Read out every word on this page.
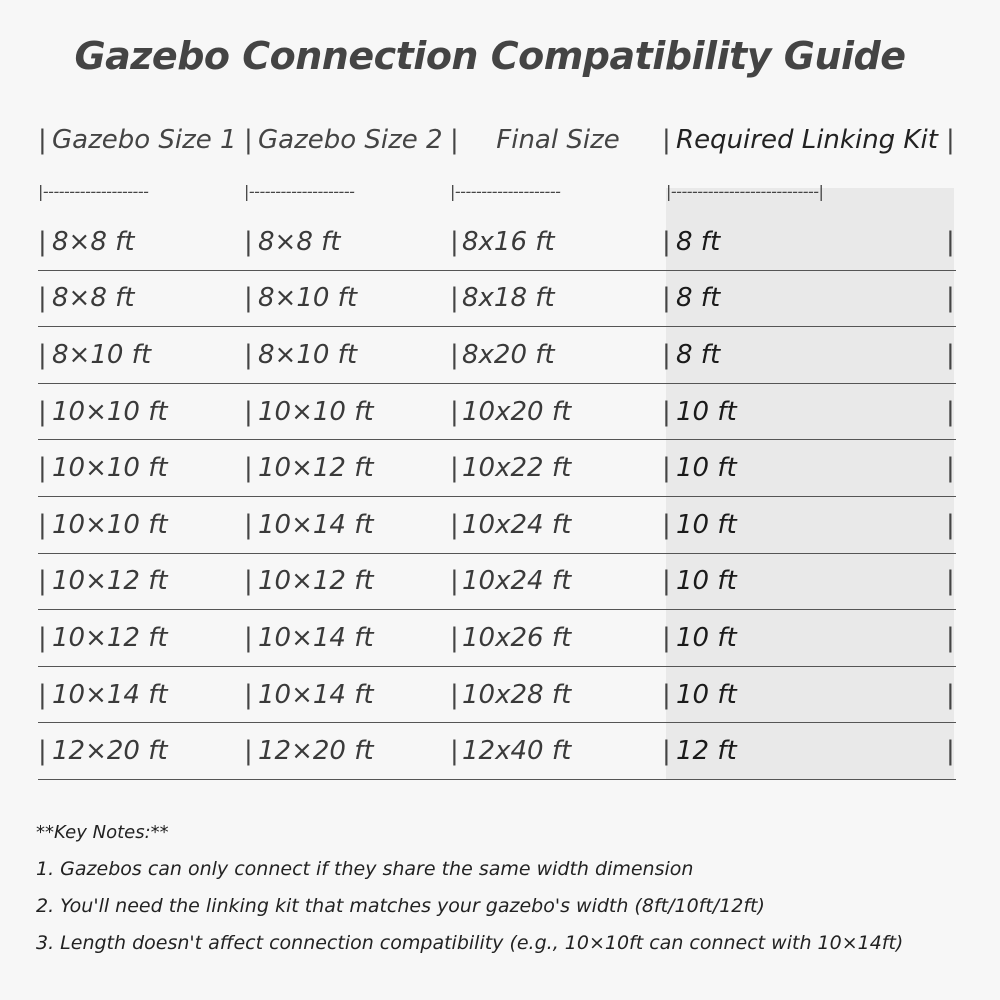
Gazebo Connection Compatibility Guide
| Gazebo Size 1 | Gazebo Size 2 |	Final Size	| Required Linking Kit |
|--------------------	|--------------------	|--------------------	|----------------------------|
| 8×8 ft	| 8×8 ft	| 8x16 ft	| 8 ft	|
| 8×8 ft	| 8×10 ft	| 8x18 ft	| 8 ft	|
| 8×10 ft	| 8×10 ft	| 8x20 ft	| 8 ft	|
| 10×10 ft	| 10×10 ft	| 10x20 ft	| 10 ft	|
| 10×10 ft	| 10×12 ft	| 10x22 ft	| 10 ft	|
| 10×10 ft	| 10×14 ft	| 10x24 ft	| 10 ft	|
| 10×12 ft	| 10×12 ft	| 10x24 ft	| 10 ft	|
| 10×12 ft	| 10×14 ft	| 10x26 ft	| 10 ft	|
| 10×14 ft	| 10×14 ft	| 10x28 ft	| 10 ft	|
| 12×20 ft	| 12×20 ft	| 12x40 ft	| 12 ft	|
**Key Notes:**
1. Gazebos can only connect if they share the same width dimension
2. You'll need the linking kit that matches your gazebo's width (8ft/10ft/12ft)
3. Length doesn't affect connection compatibility (e.g., 10×10ft can connect with 10×14ft)
